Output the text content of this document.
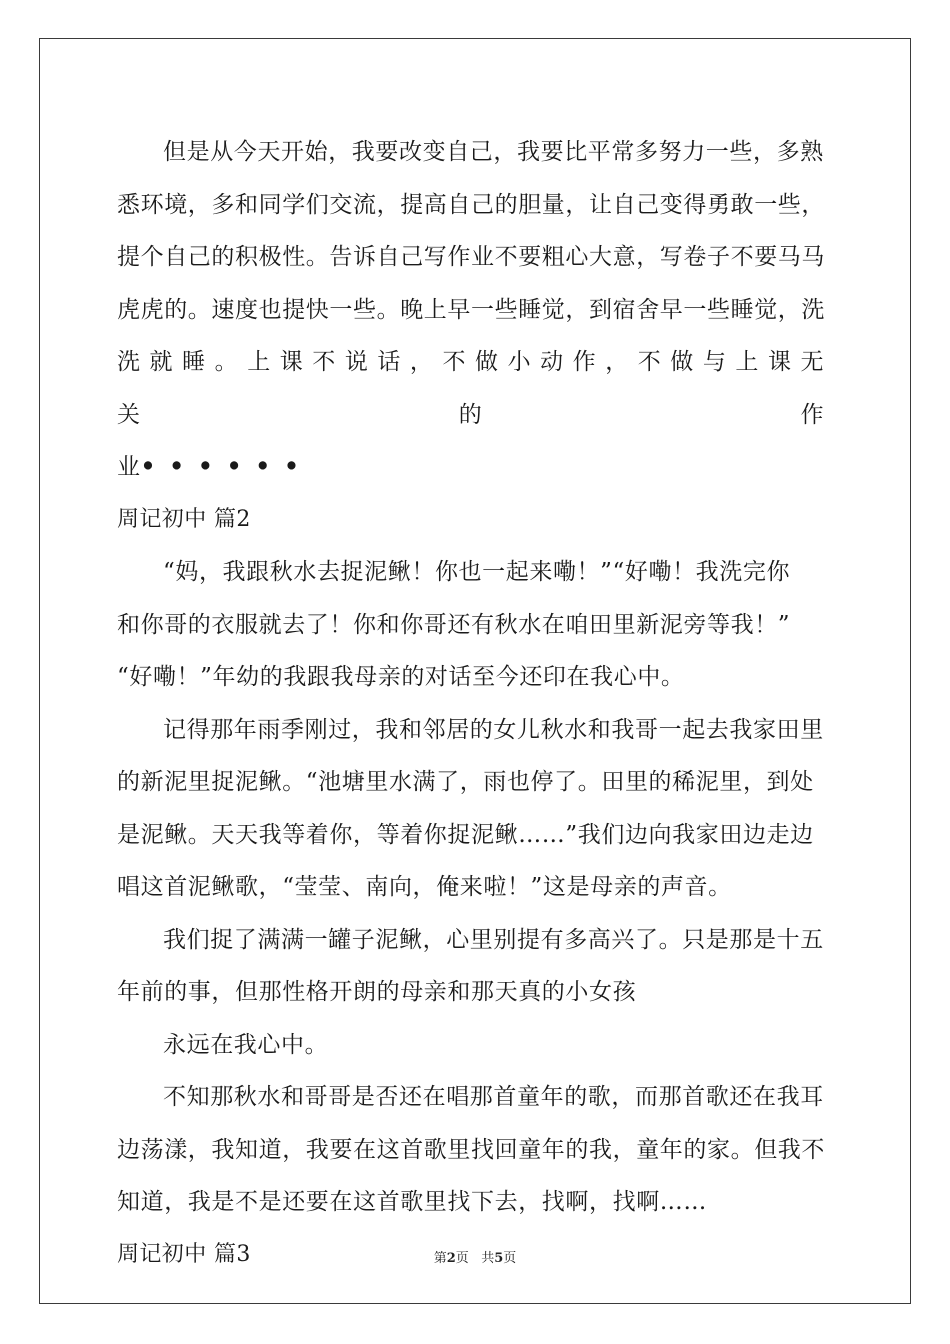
但是从今天开始，我要改变自己，我要比平常多努力一些，多熟
悉环境，多和同学们交流，提高自己的胆量，让自己变得勇敢一些，
提个自己的积极性。告诉自己写作业不要粗心大意，写卷子不要马马
虎虎的。速度也提快一些。晚上早一些睡觉，到宿舍早一些睡觉，洗
洗就睡。上课不说话，不做小动作，不做与上课无关的作
业••••••
周记初中 篇2
“妈，我跟秋水去捉泥鳅！你也一起来嘞！”“好嘞！我洗完你
和你哥的衣服就去了！你和你哥还有秋水在咱田里新泥旁等我！”
“好嘞！”年幼的我跟我母亲的对话至今还印在我心中。
记得那年雨季刚过，我和邻居的女儿秋水和我哥一起去我家田里
的新泥里捉泥鳅。“池塘里水满了，雨也停了。田里的稀泥里，到处
是泥鳅。天天我等着你，等着你捉泥鳅……”我们边向我家田边走边
唱这首泥鳅歌，“莹莹、南向，俺来啦！”这是母亲的声音。
我们捉了满满一罐子泥鳅，心里别提有多高兴了。只是那是十五
年前的事，但那性格开朗的母亲和那天真的小女孩
永远在我心中。
不知那秋水和哥哥是否还在唱那首童年的歌，而那首歌还在我耳
边荡漾，我知道，我要在这首歌里找回童年的我，童年的家。但我不
知道，我是不是还要在这首歌里找下去，找啊，找啊……
周记初中 篇3	第2页   共5页
